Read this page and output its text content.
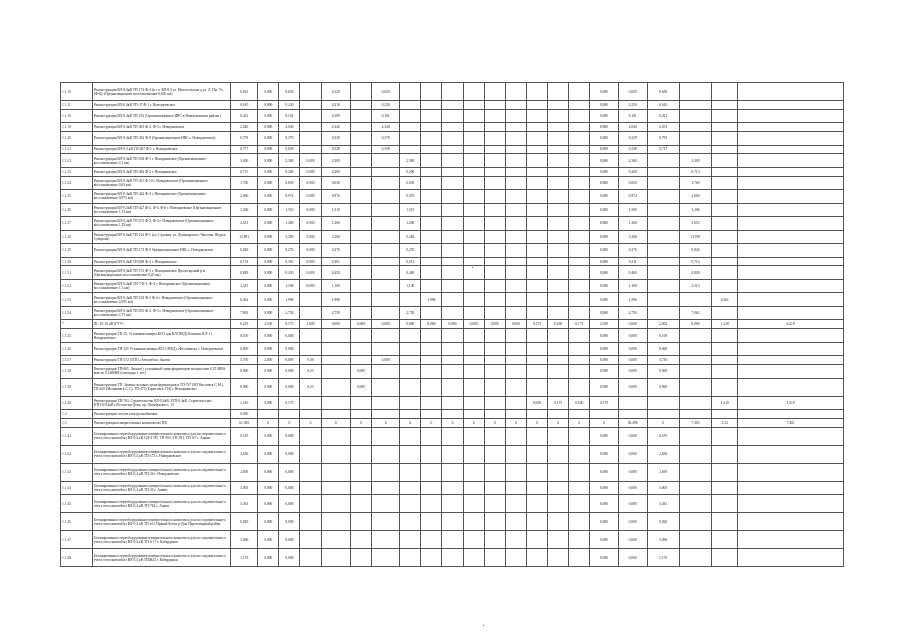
1.1.10	Реконструкция ВЛ-0,4кВ ТП-172 Ф-4 (в т.ч. ВЛ-0,4 ул. Новосельская д.ул. Л. Пм. Ул.(Ф-8); (Организационное восстановление 0,645 км)	0,601	0,800	0,650		0,120		0,650										0,000	0,650	0,650			
1.1.11	Реконструкция ВЛ-0,4кВ ТП-37 Ф-1 г. Новоржевское	0,610	0,800	0,230		0,210		0,230										0,000	0,230	0,610			
1.1.16	Реконструкция ВЛ-0,4кВ ТП-231 (Организационное ИВС в Новоржевском районе)	0,421	0,800	0,101		0,109		0,101										0,000	0,101	0,421			
1.1.19	Реконструкция ВЛ-0,4кВ ТП-401 Ф-2, Ф-3 г. Новоржевское	2,040	0,800	2,040		2,340		2,340										0,000	2,040	2,051			
1.1.20	Реконструкция ВЛ-0,4кВ ТП-432 Ф-9 (Организационное ИВС г. Новоржевское)	0,793	0,800	0,379		0,329		0,379										0,000	0,329	0,793			
1.1.21	Реконструкция ВЛ-0,4 кВ ТП-267 Ф-1 г. Новоржевское	0,717	0,800	0,658		0,528		0,538										0,000	0,538	0,717			
1.1.22	Реконструкция ВЛ-0,4кВ ТП-294 Ф-1 г. Новоржевское (Организационное восстановление 2,3 км)	3,300	0,800	3,300	0,000	2,500			2,500									0,000	2,560		3,300		
1.1.23	Реконструкция ВЛ-0,4кВ ТП-494 Ф-2 г. Новоржевское	0,713	0,800	0,200	0,000	0,200			0,200									0,000	0,200		0,713		
1.1.24	Реконструкция ВЛ-0,4кВ ТП-411 Ф-10 г. Новоржевское (Организационное восстановление 0,65 км)	1,700	0,800	0,650	0,000	0,650			0,650									0,000	0,650		1,760		
1.1.25	Реконструкция ВЛ-0,4кВ ТП-422 Ф-4 г. Новоржевское (Организационное восстановление 0,973 км)	2,060	0,800	0,974	0,000	0,976			0,976									0,000	0,974		2,060		
1.1.26	Реконструкция ВЛ-0,4кВ ТП-427 Ф-2, Ф-4, Ф-6 г. Новоржевское (Организационное восстановление 1,53 км)	3,206	0,800	1,510	0,000	1,510			1,510									0,000	1,500		3,206		
1.1.27	Реконструкция ВЛ-0,4кВ ТП-272 Ф-2, Ф-4 г. Новоржевское (Организационное восстановление 1,29 км)	2,613	0,800	1,260	0,000	1,260			1,260									0,000	1,260		2,653		
1.1.28	Реконструкция ВЛ-0,4кВ ТП-214 Ф-1 (ул. Садовая, ул. Луначарского, Чкалова, Шорса, Суворова)	13,891	0,800	5,200	0,000	5,284			5,284									0,000	5,286		13,891		
1.1.29	Реконструкция ВЛ-0,4кВ ТП-172 Ф-5 Организационное ИВС г. Новоржевское	0,826	0,800	0,276	0,000	0,276			0,276									0,000	0,276		0,826		
1.1.30	Реконструкция ВЛ-0,4кВ ТП-608 Ф-4 г. Новоржевское	0,714	0,800	0,301	0,000	0,301			0,311									0,000	0,311		0,714		
1.1.31	Реконструкция ВЛ-0,4кВ ТП-572 Ф-1 г. Новоржевское Пролетарский р-н (Организационное восстановление 0,45 км)	0,849	0,800	0,450	0,000	0,450			0,460									0,000	0,460		0,849		
1.1.32	Реконструкция ВЛ-0,4кВ ТП-7 Ф-1, Ф-4 г. Новоржевское (Организационное восстановление 1,1 км)	2,315	0,800	1,100	0,000	1,100			1,100									0,000	1,100		2,315		
1.1.33	Реконструкция ВЛ-0,4кВ ТП-103 Ф-2 Ф-4 г. Новоржевское (Организационное восстановление 2,095 км)	6,362	0,800	1,996		1,996				1,996								0,000	1,996			6,361	
1.1.34	Реконструкция ВЛ-0,4кВ ТП-201 Ф-2, Ф-3 г. Новоржевское (Организационное восстановление 2,75 км)	7,962	0,800	2,750		2,750			2,750									0,000	2,750		7,962		
*	ПС 35-10 кВ (ГУУ)	6,219	2,530	0,173	1,000	0,000	0,000	0,000	0,000	0,000	0,000	0,000	0,000	0,000	0,175	0,630	0,173	2,929	0,000	2,002	0,000	1,218	6,219
1.1.35	Реконструкция ТП-15, Установка камеры КСО для ВЛ (ПКД) Коменко КЛ-1 г. Новоржевское	0,100	0,800	0,000														0,000	0,000	0,100			
1.1.36	Реконструкция ТП-125 Установка камеры КСО (ПКД) «Фестиваль» г. Новоржевское	0,000	0,800	0,000														0,000	0,000	0,000			
1.1.37	Реконструкция ТП-272 (ЗТП) «Автодебаз» Анапи	3,750	2,800	0,000	0,00			3,000										0,000	0,000	3,750			
1.1.38	Реконструкция ТП-601, Анапи (с установкой трансформаторов мощностью 0,25 МВА вместо 0,16МВА) (площадь 1 шт.)	0,000	0,800	0,000	0,25		0,000											0,000	0,000	0,000			
1.1.39	Реконструкция ТП. Замена силовых трансформаторов в ТП-747 (ВЛ Кисловск С.М.), ТП-465 (Мешаковск С.С), ТП-473 (Борисовск Г.Н) г. Новоржевское	0,960	0,800	0,000	0,25		0,000											0,000	0,000	0,960			
1.1.40	Реконструкция ТП-763, Строительство ВЛ-0,4кВ, ЗТП-0,4кВ. Строительство КТП-6/0,4кВ г.Ростов-на-Дону, пр. Октябрьского, 15	1,210	0,000	0,175											0,630	0,175	0,630	0,175				1,210	1,210
1.2	Реконструкция систем электроснабжения	0,000																					
1.3	Реконструкция измерительных комплексов (ПЗ)	61,049	0	0	0	0	0	0	0	0	0	0	0	0	0	0	0	0	30,496	0	7,305	0,12	7,401
1.1.41	Бетонированное переоборудование измерительного комплекса для последовательного учета отпускаемой из ВЛ-0,4 кВ СП-4 ТП, ТП-565, ТП-591, ТП-6/7 г. Анапи	0,519	0,800	0,000														0,000	0,000	0,519			
1.1.42	Бетонированное переоборудование измерительного комплекса для последовательного учета отпускаемой из ВЛ-0,4 кВ ТП-173 г. Новоржевское	2,636	0,800	0,000														0,000	0,000	2,636			
1.1.43	Бетонированное переоборудование измерительного комплекса для последовательного учета отпускаемой из ВЛ-0,4 кВ ТП-26 г. Новоржевское	2,695	0,800	0,000														0,000	0,000	2,695			
1.1.44	Бетонированное переоборудование измерительного комплекса для последовательного учета отпускаемой из ВЛ-0,4 кВ ТП-34 г. Анапи	3,003	0,800	0,000														0,000	0,000	3,003			
1.1.45	Бетонированное переоборудование измерительного комплекса для последовательного учета отпускаемой из ВЛ-0,4 кВ ТП-762 г. Анапи	3,361	0,800	0,000														0,000	0,000	3,361			
1.1.46	Бетонированное переоборудование измерительного комплекса для последовательного учета отпускаемой из ВЛ-0,4 кВ ТП-613 Ирекай Бетон р-Дон Переговорный район	0,820	0,800	0,000														0,000	0,000	0,820			
1.1.47	Бетонированное переоборудование измерительного комплекса для последовательного учета отпускаемой из ВЛ-0,4 кВ ТП-6 17 г. Кабардинск	3,066	0,800	0,000														0,000	0,000	3,066			
1.1.48	Бетонированное переоборудование измерительного комплекса для последовательного учета отпускаемой из ВЛ-0,4 кВ ТП4823 г. Кабардинск	1,176	0,800	0,000														0,000	0,000	1,176			
